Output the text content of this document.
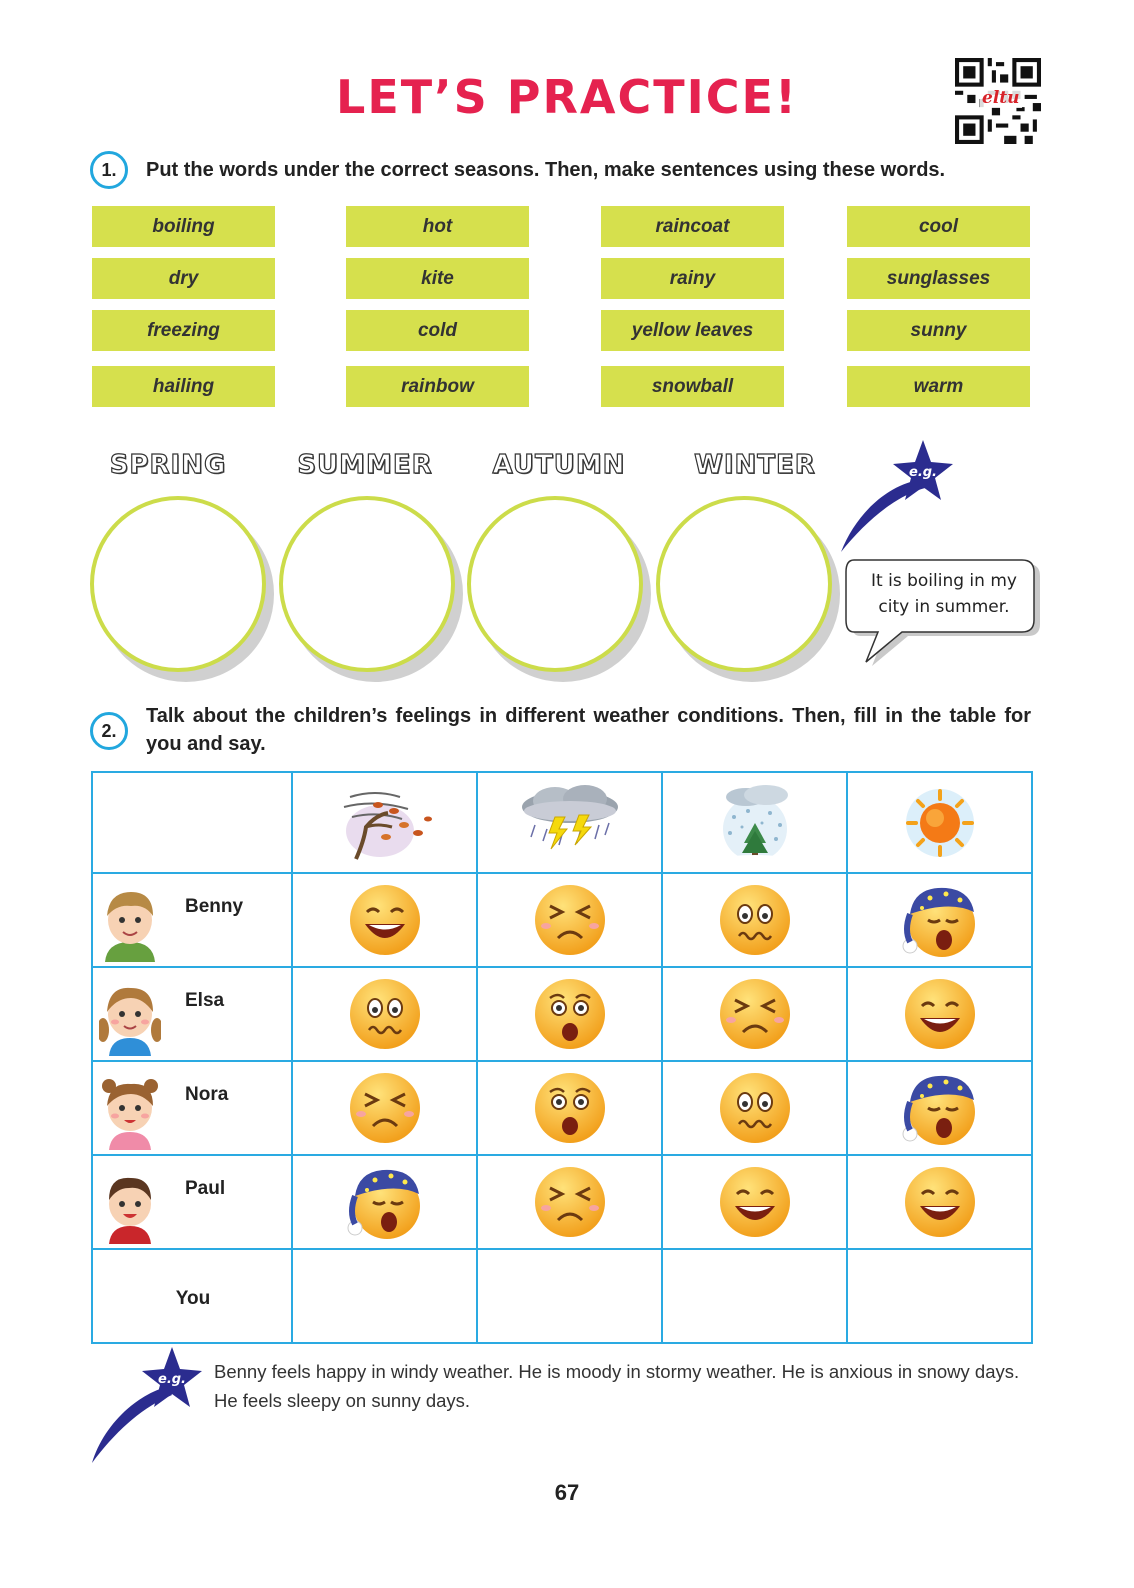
LET’S PRACTICE!	eltu
1.	Put the words under the correct seasons. Then, make sentences using these words.
boiling	hot	raincoat	cool
dry	kite	rainy	sunglasses
freezing	cold	yellow leaves	sunny
hailing	rainbow	snowball	warm
SPRING	SUMMER	AUTUMN	WINTER	e.g.
It is boiling in my city in summer.
2.
Talk about the children’s feelings in different weather conditions. Then, fill in the table for you and say.

Benny

Elsa

Nora

Paul

You				

e.g. Benny feels happy in windy weather. He is moody in stormy weather. He is anxious in snowy days. He feels sleepy on sunny days.
67
